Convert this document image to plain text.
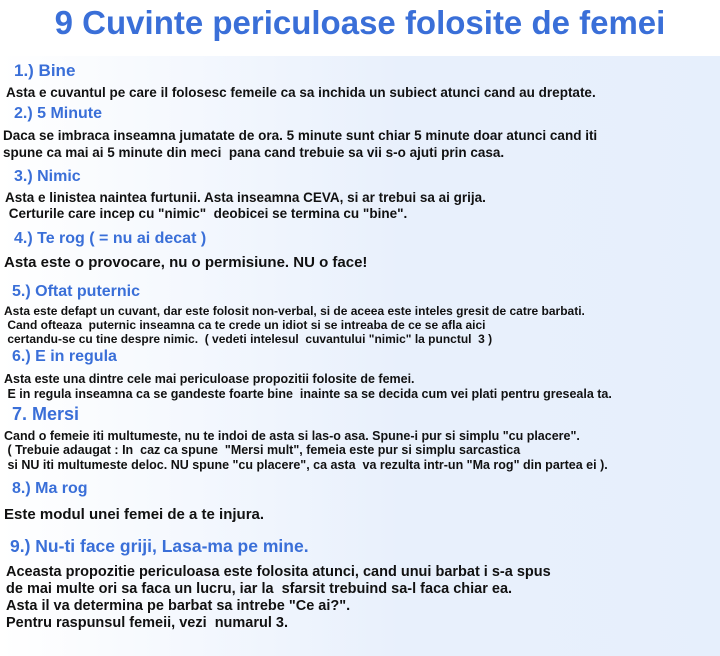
9 Cuvinte periculoase folosite de femei
1.) Bine
Asta e cuvantul pe care il folosesc femeile ca sa inchida un subiect atunci cand au dreptate.
2.) 5 Minute
Daca se imbraca inseamna jumatate de ora. 5 minute sunt chiar 5 minute doar atunci cand iti
spune ca mai ai 5 minute din meci  pana cand trebuie sa vii s-o ajuti prin casa.
3.) Nimic
Asta e linistea naintea furtunii. Asta inseamna CEVA, si ar trebui sa ai grija.
Certurile care incep cu "nimic"  deobicei se termina cu "bine".
4.) Te rog ( = nu ai decat )
Asta este o provocare, nu o permisiune. NU o face!
5.) Oftat puternic
Asta este defapt un cuvant, dar este folosit non-verbal, si de aceea este inteles gresit de catre barbati.
Cand ofteaza  puternic inseamna ca te crede un idiot si se intreaba de ce se afla aici
certandu-se cu tine despre nimic.  ( vedeti intelesul  cuvantului "nimic" la punctul  3 )
6.) E in regula
Asta este una dintre cele mai periculoase propozitii folosite de femei.
E in regula inseamna ca se gandeste foarte bine  inainte sa se decida cum vei plati pentru greseala ta.
7. Mersi
Cand o femeie iti multumeste, nu te indoi de asta si las-o asa. Spune-i pur si simplu "cu placere".
( Trebuie adaugat : In  caz ca spune  "Mersi mult", femeia este pur si simplu sarcastica
si NU iti multumeste deloc. NU spune "cu placere", ca asta  va rezulta intr-un "Ma rog" din partea ei ).
8.) Ma rog
Este modul unei femei de a te injura.
9.) Nu-ti face griji, Lasa-ma pe mine.
Aceasta propozitie periculoasa este folosita atunci, cand unui barbat i s-a spus
de mai multe ori sa faca un lucru, iar la  sfarsit trebuind sa-l faca chiar ea.
Asta il va determina pe barbat sa intrebe "Ce ai?".
Pentru raspunsul femeii, vezi  numarul 3.
